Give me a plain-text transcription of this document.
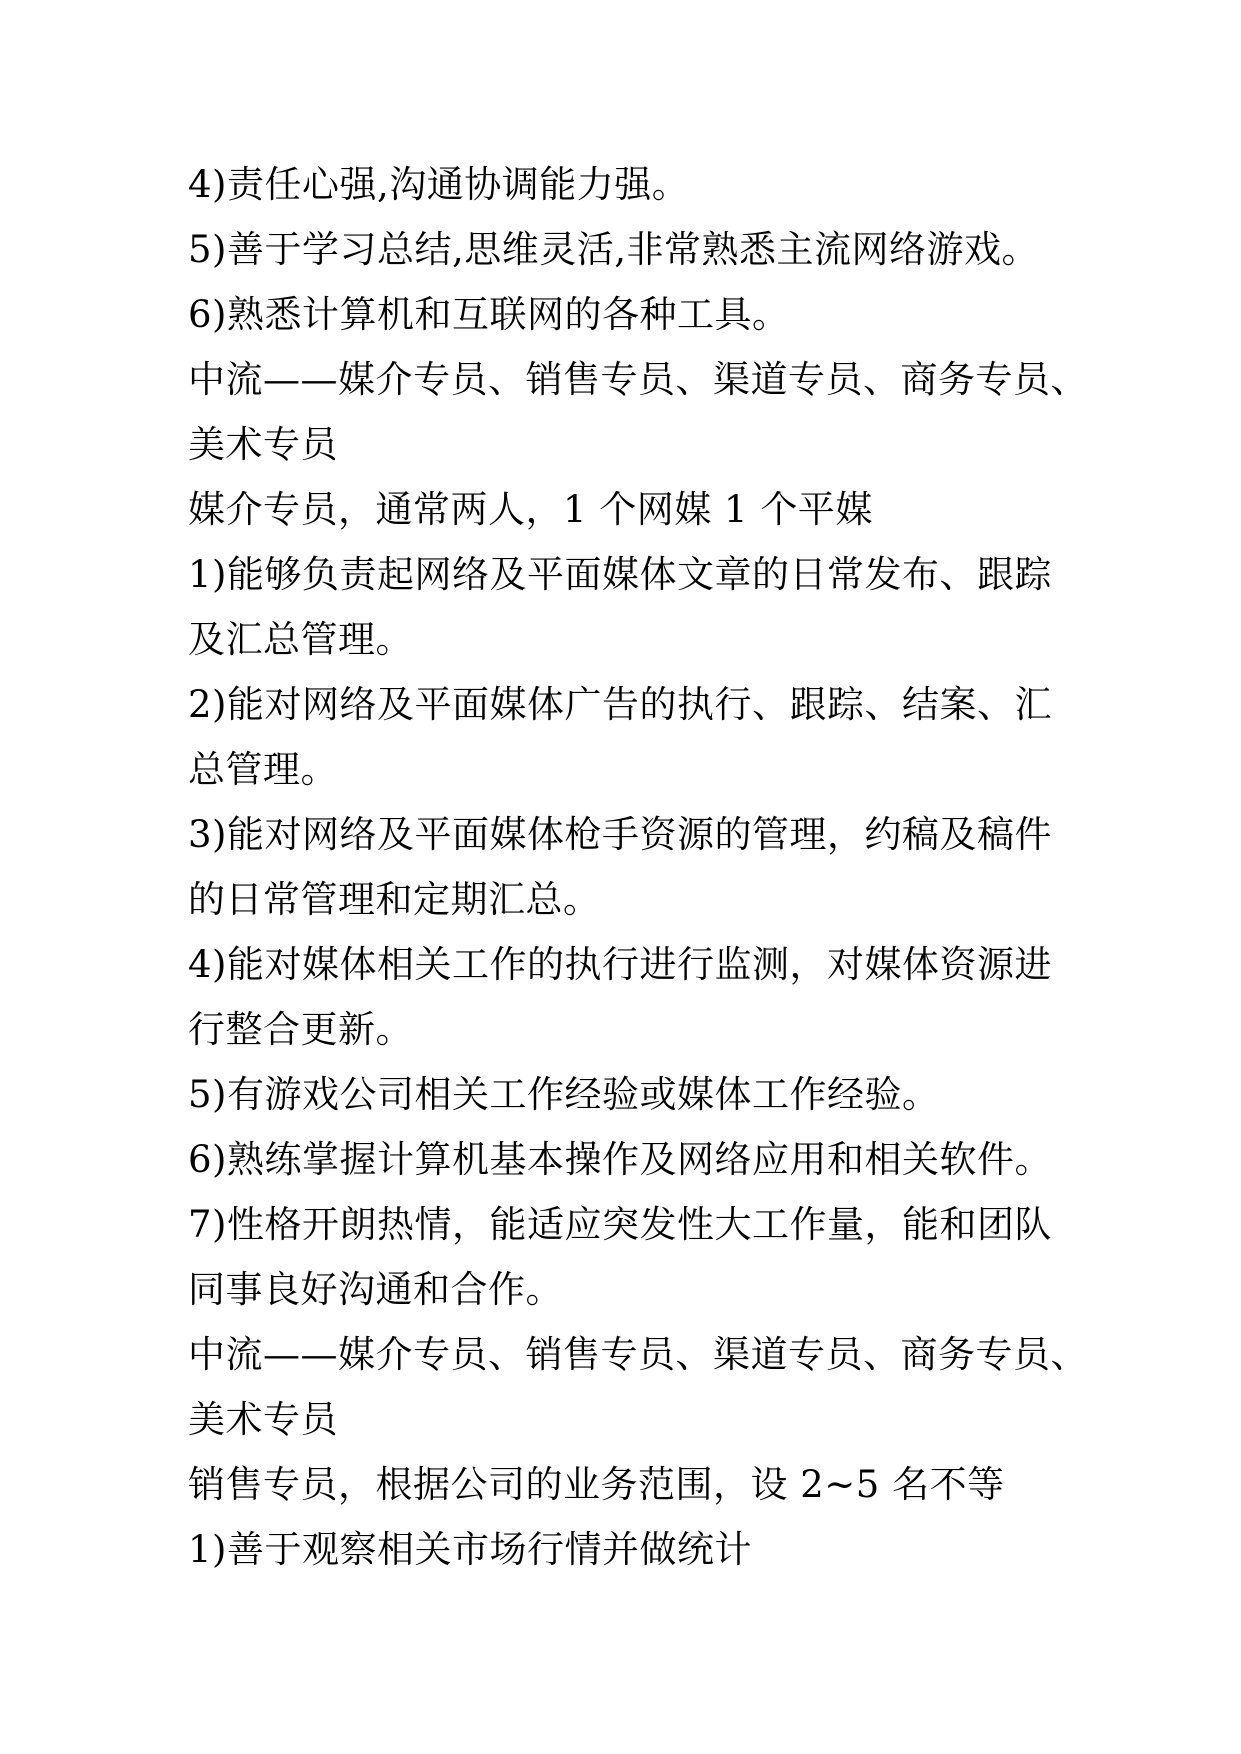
4)责任心强,沟通协调能力强。
5)善于学习总结,思维灵活,非常熟悉主流网络游戏。
6)熟悉计算机和互联网的各种工具。
中流——媒介专员、销售专员、渠道专员、商务专员、
美术专员
媒介专员，通常两人，1 个网媒 1 个平媒
1)能够负责起网络及平面媒体文章的日常发布、跟踪
及汇总管理。
2)能对网络及平面媒体广告的执行、跟踪、结案、汇
总管理。
3)能对网络及平面媒体枪手资源的管理，约稿及稿件
的日常管理和定期汇总。
4)能对媒体相关工作的执行进行监测，对媒体资源进
行整合更新。
5)有游戏公司相关工作经验或媒体工作经验。
6)熟练掌握计算机基本操作及网络应用和相关软件。
7)性格开朗热情，能适应突发性大工作量，能和团队
同事良好沟通和合作。
中流——媒介专员、销售专员、渠道专员、商务专员、
美术专员
销售专员，根据公司的业务范围，设 2~5 名不等
1)善于观察相关市场行情并做统计
